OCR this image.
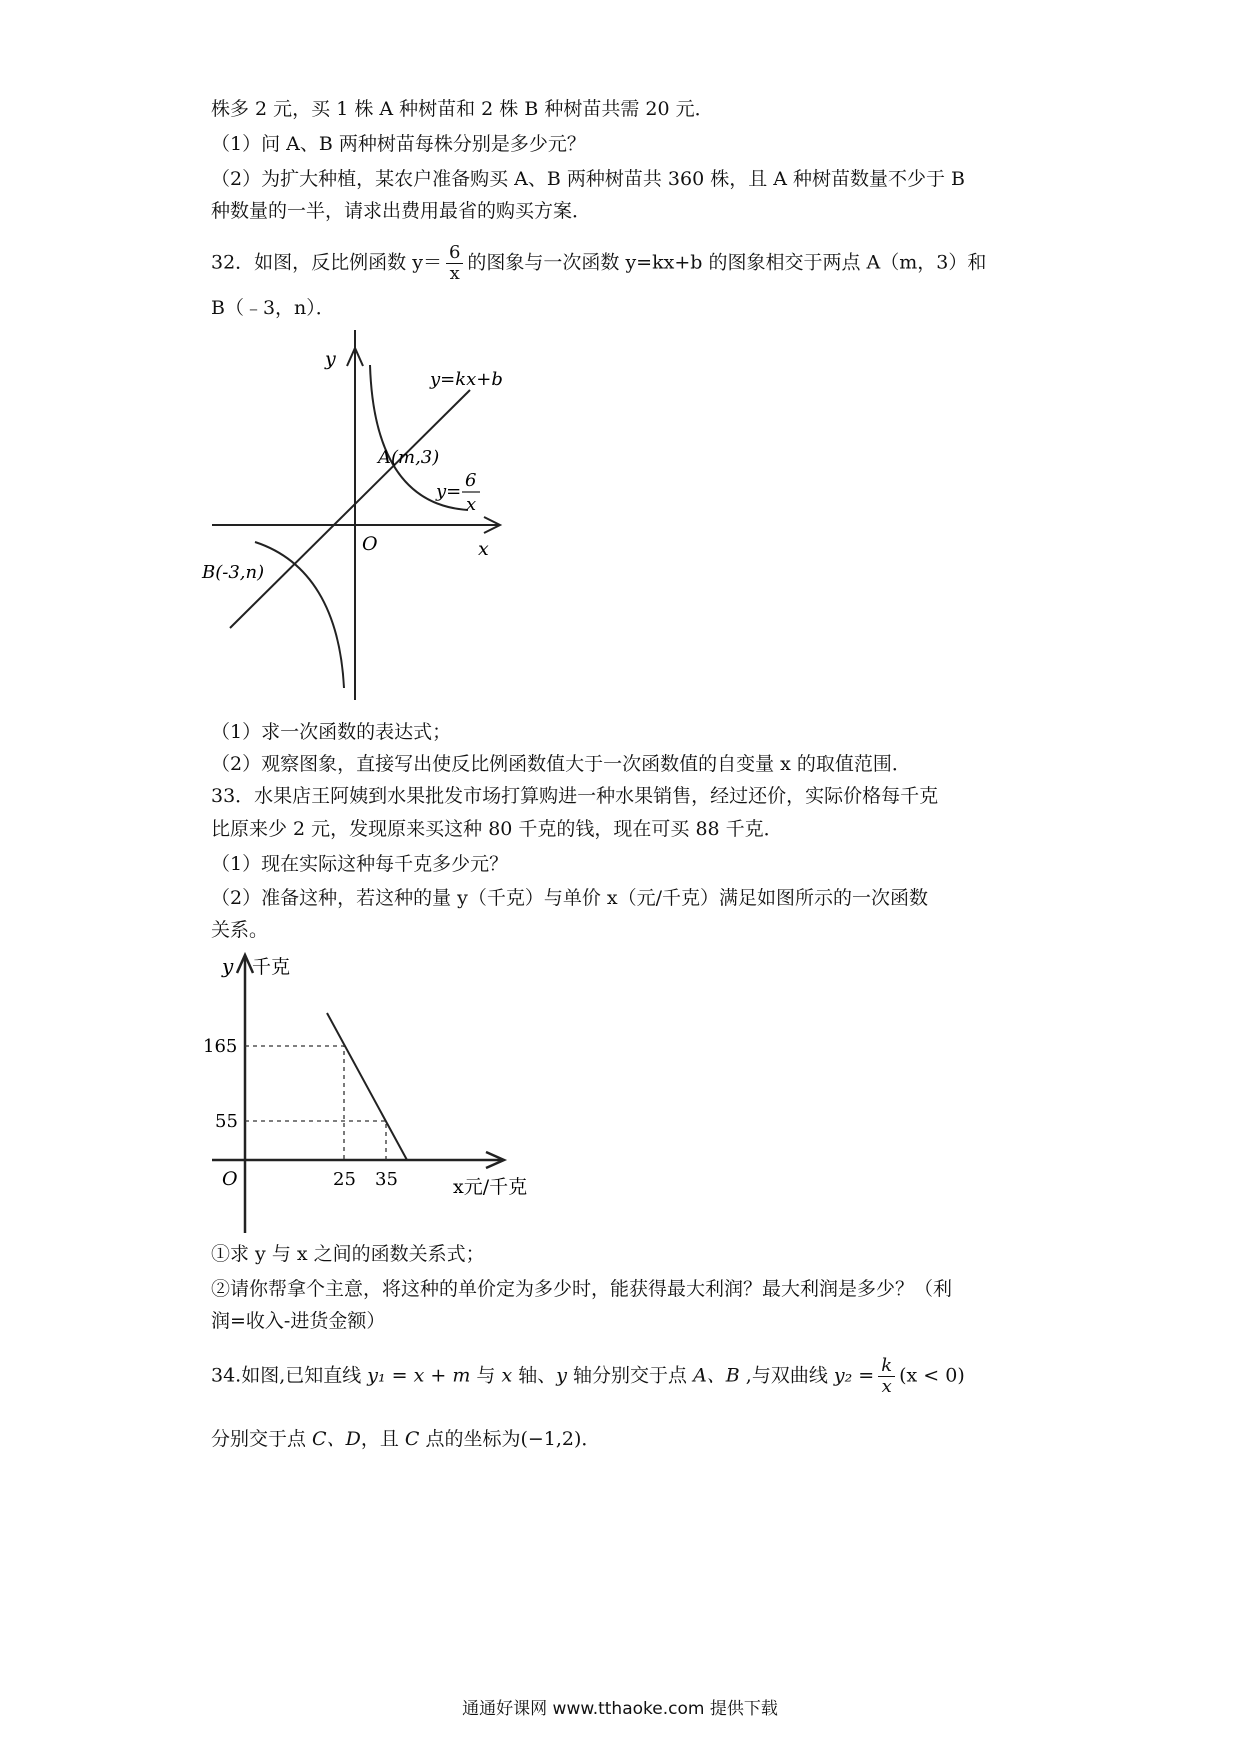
株多 2 元，买 1 株 A 种树苗和 2 株 B 种树苗共需 20 元．
（1）问 A、B 两种树苗每株分别是多少元？
（2）为扩大种植，某农户准备购买 A、B 两种树苗共 360 株，且 A 种树苗数量不少于 B
种数量的一半，请求出费用最省的购买方案．
32．如图，反比例函数 $y= \frac{6}{x}$ 的图象与一次函数 y=kx+b 的图象相交于两点 A（m，3）和
B（﹣3，n）．
y
x
O
y=kx+b
A(m,3)
B(-3,n)
y=
6
x
（1）求一次函数的表达式；
（2）观察图象，直接写出使反比例函数值大于一次函数值的自变量 x 的取值范围．
33．水果店王阿姨到水果批发市场打算购进一种水果销售，经过还价，实际价格每千克
比原来少 2 元，发现原来买这种 80 千克的钱，现在可买 88 千克．
（1）现在实际这种每千克多少元？
（2）准备这种，若这种的量 y（千克）与单价 x（元/千克）满足如图所示的一次函数
关系。
y 千克
165
55
O	25 35	x元/千克
①求 y 与 x 之间的函数关系式；
②请你帮拿个主意，将这种的单价定为多少时，能获得最大利润？最大利润是多少？（利
润=收入-进货金额）
34.如图,已知直线 y₁ = x + m 与 x 轴、y 轴分别交于点 A、B ,与双曲线 $y_2 = \frac{k}{x} (x < 0)$
分别交于点 C、D，且 C 点的坐标为(−1,2)．
通通好课网 www.tthaoke.com 提供下载
